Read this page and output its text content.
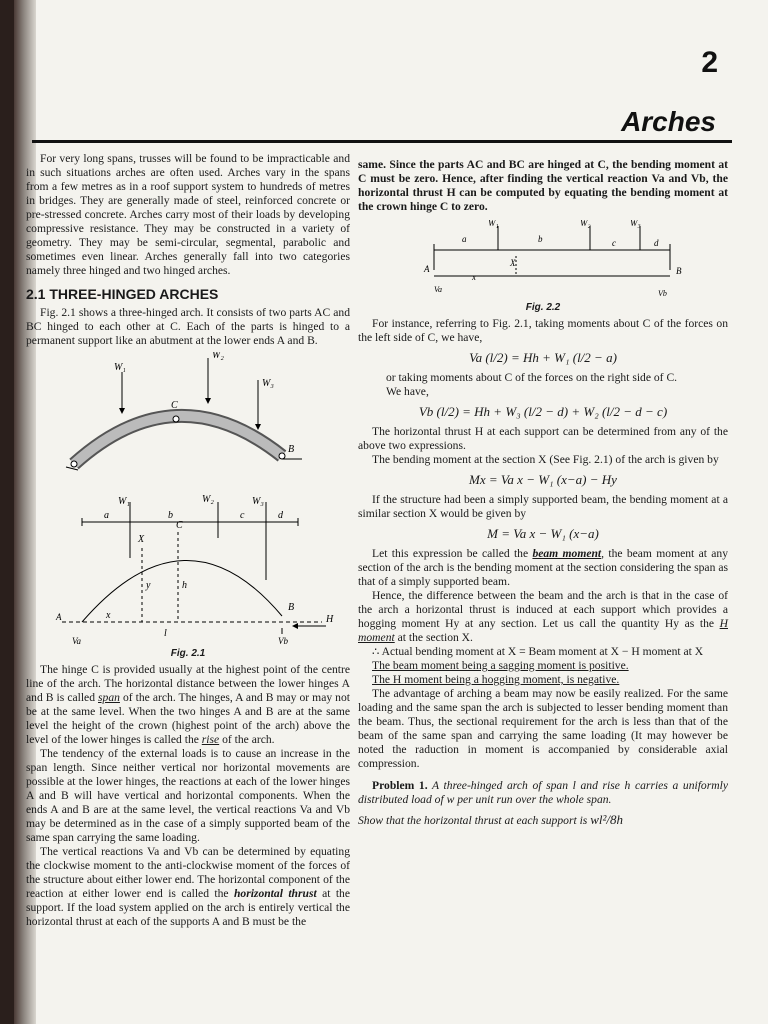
2
Arches

For very long spans, trusses will be found to be impracticable and in such situations arches are often used. Arches vary in the spans from a few metres as in a roof support system to hundreds of metres in bridges. They are generally made of steel, reinforced concrete or pre-stressed concrete. Arches carry most of their loads by developing compressive resistance. They may be constructed in a variety of geometry. They may be semi-circular, segmental, parabolic and sometimes even linear. Arches generally fall into two categories namely three hinged and two hinged arches.

2.1 THREE-HINGED ARCHES

Fig. 2.1 shows a three-hinged arch. It consists of two parts AC and BC hinged to each other at C. Each of the parts is hinged to a permanent support like an abutment at the lower ends A and B.

W₁
W₂
W₃
C
B
a	b	c	d
W₁	W₂	W₃
X
C
y	h
x
l
B
H
Vb
A
Va
Fig. 2.1

The hinge C is provided usually at the highest point of the centre line of the arch. The horizontal distance between the lower hinges A and B is called span of the arch. The hinges, A and B may or may not be at the same level. When the two hinges A and B are at the same level the height of the crown (highest point of the arch) above the level of the lower hinges is called the rise of the arch.

The tendency of the external loads is to cause an increase in the span length. Since neither vertical nor horizontal movements are possible at the lower hinges, the reactions at each of the lower hinges A and B will have vertical and horizontal components. When the ends A and B are at the same level, the vertical reactions Va and Vb may be determined as in the case of a simply supported beam of the same span carrying the same loading.

The vertical reactions Va and Vb can be determined by equating the clockwise moment to the anti-clockwise moment of the forces of the structure about either lower end. The horizontal component of the reaction at either lower end is called the horizontal thrust at the support. If the load system applied on the arch is entirely vertical the horizontal thrust at each of the supports A and B must be the

same. Since the parts AC and BC are hinged at C, the bending moment at C must be zero. Hence, after finding the vertical reaction Va and Vb, the horizontal thrust H can be computed by equating the bending moment at the crown hinge C to zero.

W₁	W₂	W₃
a	b	c	d
X
x
A	B
Va	Vb
Fig. 2.2

For instance, referring to Fig. 2.1, taking moments about C of the forces on the left side of C, we have,

Va (l/2) = Hh + W₁ (l/2 − a)

or taking moments about C of the forces on the right side of C.

We have,

Vb (l/2) = Hh + W₃ (l/2 − d) + W₂ (l/2 − d − c)

The horizontal thrust H at each support can be determined from any of the above two expressions.

The bending moment at the section X (See Fig. 2.1) of the arch is given by

Mx = Va x − W₁ (x−a) − Hy

If the structure had been a simply supported beam, the bending moment at a similar section X would be given by

M = Va x − W₁ (x−a)

Let this expression be called the beam moment, the beam moment at any section of the arch is the bending moment at the section considering the span as that of a simply supported beam.

Hence, the difference between the beam and the arch is that in the case of the arch a horizontal thrust is induced at each support which provides a hogging moment Hy at any section. Let us call the quantity Hy as the H moment at the section X.

∴ Actual bending moment at X = Beam moment at X − H moment at X

The beam moment being a sagging moment is positive.

The H moment being a hogging moment, is negative.

The advantage of arching a beam may now be easily realized. For the same loading and the same span the arch is subjected to lesser bending moment than the beam. Thus, the sectional requirement for the arch is less than that of the beam of the same span and carrying the same loading (It may however be noted the raduction in moment is accompanied by considerable axial compression.

Problem 1. A three-hinged arch of span l and rise h carries a uniformly distributed load of w per unit run over the whole span.

Show that the horizontal thrust at each support is wl²/8h
